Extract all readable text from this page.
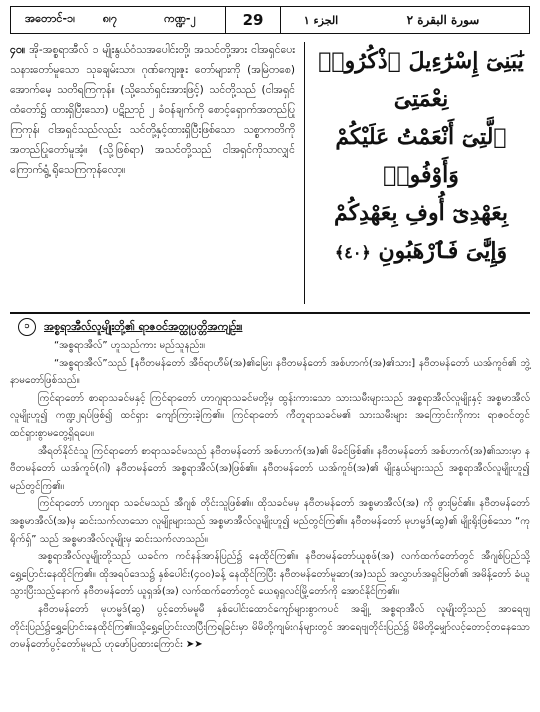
အတောင်-၁၊	၈၊၇	ကဏ္ဍ-၂	29	الجزء ١	سورة البقرة ٢
၄၀။ အို-အစ္စရာအီလ် ၁ မျိုးနွယ်ဝံသအပေါင်းတို့၊ အသင်တို့အား ငါအရှင်ပေးသနားတော်မူသော သုခချမ်းသာ၊ ဂုဏ်ကျေးဇူး တော်များကို (အမြဲတစေ) အောက်မေ့ သတိရကြကုန်။ (သို့သော်ရှင်းအားဖြင့်) သင်တို့သည် (ငါအရှင်ထံတော်၌ ထားရှိပြီးသော) ပဋိညာဉ် ၂ ခံဝန်ချက်ကို စောင့်ရှောက်အတည်ပြုကြကုန်၊ ငါအရှင်သည်လည်း သင်တို့နှင့်ထားရှိပြီးဖြစ်သော သစ္စာကတိကို အတည်ပြုတော်မူအံ့။ (သို့ဖြစ်ရာ) အသင်တို့သည် ငါအရှင်ကိုသာလျှင်ကြောက်ရွံ့ ရိုသေကြကုန်လော့။
يَٰبَنِىٓ إِسْرَٰٓءِيلَ ٱذْكُرُوا۟ نِعْمَتِىَ
ٱلَّتِىٓ أَنْعَمْتُ عَلَيْكُمْ وَأَوْفُوا۟
بِعَهْدِىٓ أُوفِ بِعَهْدِكُمْ
وَإِيَّٰىَ فَٱرْهَبُونِ ﴿٤٠﴾
၁	အစ္စရာအီလ်လူမျိုးတို့၏ ရာဇဝင်အတ္ထုပ္ပတ္တိအကျဉ်း။

“အစ္စရာအီလ်” ဟူသည်ကား မည်သူနည်း။

“အစ္စရာအီလ်”သည် [နဗီတမန်တော် အီဗ်ရာဟီမ်(အ)၏မြေး၊ နဗီတမန်တော် အစ်ဟာက်(အ)၏သား] နဗီတမန်တော် ယအ်ကူဗ်၏ ဘွဲ့နာမတော်ဖြစ်သည်။

ကြင်ရာတော် စာရာသခင်မနှင့် ကြင်ရာတော် ဟာဂျရာသခင်မတို့မှ ထွန်းကားသော သားသမီးများသည် အစ္စရာအီလ်လူမျိုးနှင့် အစ္စမာအီလ်လူမျိုးဟူ၍ ကဏ္ဍ၂ရပ်ဖြစ်၍ ထင်ရှား ကျော်ကြားခဲ့ကြ၏။ ကြင်ရာတော် ကီတူရာသခင်မ၏ သားသမီးများ အကြောင်းကိုကား ရာဇဝင်တွင် ထင်ရှားစွာမတွေ့ရှိရပေ။

အီရတ်နိုင်ငံသူ ကြင်ရာတော် စာရာသခင်မသည် နဗီတမန်တော် အစ်ဟာက်(အ)၏ မိခင်ဖြစ်၏။ နဗီတမန်တော် အစ်ဟာက်(အ)၏သားမှာ နဗီတမန်တော် ယအ်ကူဗ်(ဂါ) နဗီတမန်တော် အစ္စရာအီလ်(အ)ဖြစ်၏။ နဗီတမန်တော် ယအ်ကူဗ်(အ)၏ မျိုးနွယ်များသည် အစ္စရာအီလ်လူမျိုးဟူ၍ မည်တွင်ကြ၏။

ကြင်ရာတော် ဟာဂျရာ သခင်မသည် အီဂျစ် တိုင်းသူဖြစ်၏။ ထိုသခင်မမှ နဗီတမန်တော် အစ္စမာအီလ်(အ) ကို ဖွားမြင်၏။ နဗီတမန်တော် အစ္စမာအီလ်(အ)မှ ဆင်းသက်လာသော လူမျိုးများသည် အစ္စမာအီလ်လူမျိုးဟူ၍ မည်တွင်ကြ၏။ နဗီတမန်တော် မုဟမ္မဒ်(ဆွ)၏ မျိုးရိုးဖြစ်သော “ကုရိုက်ရှ်” သည် အစ္စမာအီလ်လူမျိုးမှ ဆင်းသက်လာသည်။

အစ္စရာအီလ်လူမျိုးတို့သည် ယခင်က ကင်နန်အာန်ပြည်၌ နေထိုင်ကြ၏။ နဗီတမန်တော်ယူစုဖ်(အ) လက်ထက်တော်တွင် အီဂျစ်ပြည်သို့ ရွှေ့ပြောင်းနေထိုင်ကြ၏။ ထိုအရပ်ဒေသ၌ နှစ်ပေါင်း(၄၀၀)ခန့် နေထိုင်ကြပြီး နဗီတမန်တော်မူဆာ(အ)သည် အလွှာဟ်အရှင်မြတ်၏ အမိန့်တော် ခံယူသွားပြီးသည့်နောက် နဗီတမန်တော် ယူရှအ်(အ) လက်ထက်တော်တွင် ယေရုရှလင်မြို့တော်ကို အောင်နိုင်ကြ၏။

နဗီတမန်တော် မုဟမ္မဒ်(ဆွ) ပွင့်တော်မမူမီ နှစ်ပေါင်းထောင်ကျော်များစွာကပင် အချို့ အစ္စရာအီလ် လူမျိုးတို့သည် အာရေဗျတိုင်းပြည်၌ရွှေ့ပြောင်းနေထိုင်ကြ၏။သို့ရွှေ့ပြောင်းလာပြီးကြရခြင်းမှာ မိမိတို့ကျမ်းဂန်များတွင် အာရေဗျတိုင်းပြည်၌ မိမိတို့မျှော်လင့်တောင့်တနေသော တမန်တော်ပွင့်တော်မူမည် ဟုဖော်ပြထားကြောင်း ➤➤
